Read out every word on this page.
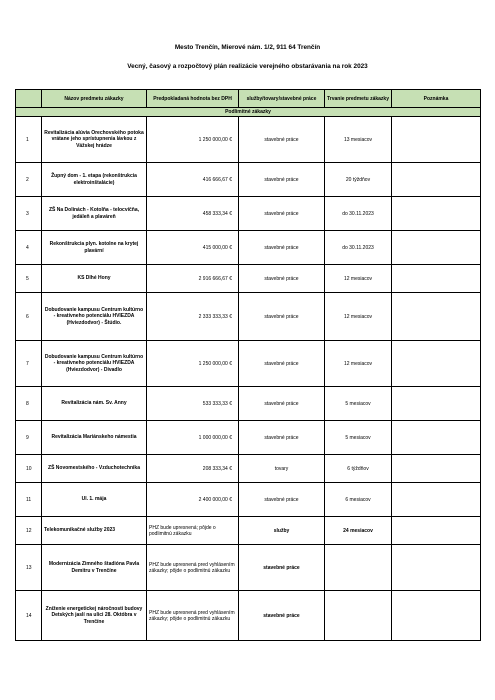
Mesto Trenčín, Mierové nám. 1/2, 911 64 Trenčín
Vecný, časový a rozpočtový plán realizácie verejného obstarávania na rok 2023
	Názov predmetu zákazky	Predpokladaná hodnota bez DPH	služby/tovary/stavebné práce	Trvanie predmetu zákazky	Poznámka
Podlimitné zákazky					
1	Revitalizácia alúvia Orechovského potoka vrátane jeho sprístupnenia lávkou z Vážskej hrádze	1 250 000,00 €	stavebné práce	13 mesiacov	
2	Župný dom - 1. etapa (rekonštrukcia elektroinštalácie)	416 666,67 €	stavebné práce	20 týždňov	
3	ZŠ Na Dolinách - Kotolňa - telocvičňa, jedáleň a plaváreň	458 333,34 €	stavebné práce	do 30.11.2023	
4	Rekonštrukcia plyn. kotolne na krytej plavární	415 000,00 €	stavebné práce	do 30.11.2023	
5	KS Dlhé Hony	2 916 666,67 €	stavebné práce	12 mesiacov	
6	Dobudovanie kampusu Centrum kultúrno - kreatívneho potenciálu HVIEZDA (Hviezdodvor) - Štúdio.	2 333 333,33 €	stavebné práce	12 mesiacov	
7	Dobudovanie kampusu Centrum kultúrno - kreatívneho potenciálu HVIEZDA (Hviezdodvor) - Divadlo	1 250 000,00 €	stavebné práce	12 mesiacov	
8	Revitalizácia nám. Sv. Anny	533 333,33 €	stavebné práce	5 mesiacov	
9	Revitalizácia Mariánskeho námestia	1 000 000,00 €	stavebné práce	5 mesiacov	
10	ZŠ Novomestského - Vzduchotechnika	208 333,34 €	tovary	6 týždňov	
11	Ul. 1. mája	2 400 000,00 €	stavebné práce	6 mesiacov	
12	Telekomunikačné služby 2023	PHZ bude upresnená; pôjde o podlimitnú zákazku	služby	24 mesiacov	
13	Modernizácia Zimného štadióna Pavla Demitru v Trenčíne	PHZ bude upresnená pred vyhlásením zákazky; pôjde o podlimitnú zákazku	stavebné práce		
14	Zníženie energetickej náročnosti budovy Detských jaslí na ulici 28. Októbra v Trenčíne	PHZ bude upresnená pred vyhlásením zákazky; pôjde o podlimitnú zákazku	stavebné práce		
